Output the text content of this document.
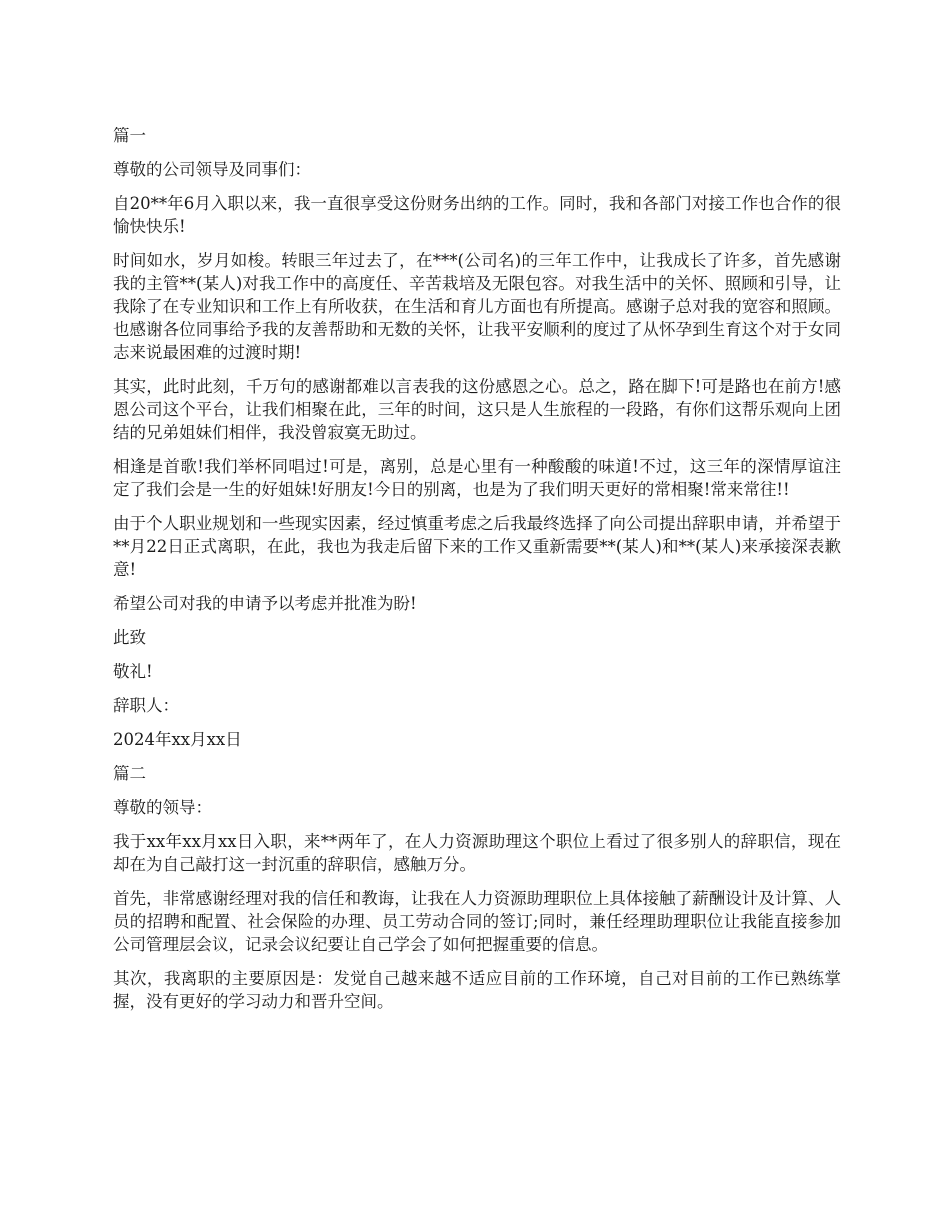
篇一

尊敬的公司领导及同事们：

自20**年6月入职以来，我一直很享受这份财务出纳的工作。同时，我和各部门对接工作也合作的很愉快快乐!

时间如水，岁月如梭。转眼三年过去了，在***(公司名)的三年工作中，让我成长了许多，首先感谢我的主管**(某人)对我工作中的高度任、辛苦栽培及无限包容。对我生活中的关怀、照顾和引导，让我除了在专业知识和工作上有所收获，在生活和育儿方面也有所提高。感谢子总对我的宽容和照顾。也感谢各位同事给予我的友善帮助和无数的关怀，让我平安顺利的度过了从怀孕到生育这个对于女同志来说最困难的过渡时期!

其实，此时此刻，千万句的感谢都难以言表我的这份感恩之心。总之，路在脚下!可是路也在前方!感恩公司这个平台，让我们相聚在此，三年的时间，这只是人生旅程的一段路，有你们这帮乐观向上团结的兄弟姐妹们相伴，我没曾寂寞无助过。

相逢是首歌!我们举杯同唱过!可是，离别，总是心里有一种酸酸的味道!不过，这三年的深情厚谊注定了我们会是一生的好姐妹!好朋友!今日的别离，也是为了我们明天更好的常相聚!常来常往!!

由于个人职业规划和一些现实因素，经过慎重考虑之后我最终选择了向公司提出辞职申请，并希望于**月22日正式离职，在此，我也为我走后留下来的工作又重新需要**(某人)和**(某人)来承接深表歉意!

希望公司对我的申请予以考虑并批准为盼!

此致

敬礼!

辞职人：

2024年xx月xx日

篇二

尊敬的领导：

我于xx年xx月xx日入职，来**两年了，在人力资源助理这个职位上看过了很多别人的辞职信，现在却在为自己敲打这一封沉重的辞职信，感触万分。

首先，非常感谢经理对我的信任和教诲，让我在人力资源助理职位上具体接触了薪酬设计及计算、人员的招聘和配置、社会保险的办理、员工劳动合同的签订;同时，兼任经理助理职位让我能直接参加公司管理层会议，记录会议纪要让自己学会了如何把握重要的信息。

其次，我离职的主要原因是：发觉自己越来越不适应目前的工作环境，自己对目前的工作已熟练掌握，没有更好的学习动力和晋升空间。
